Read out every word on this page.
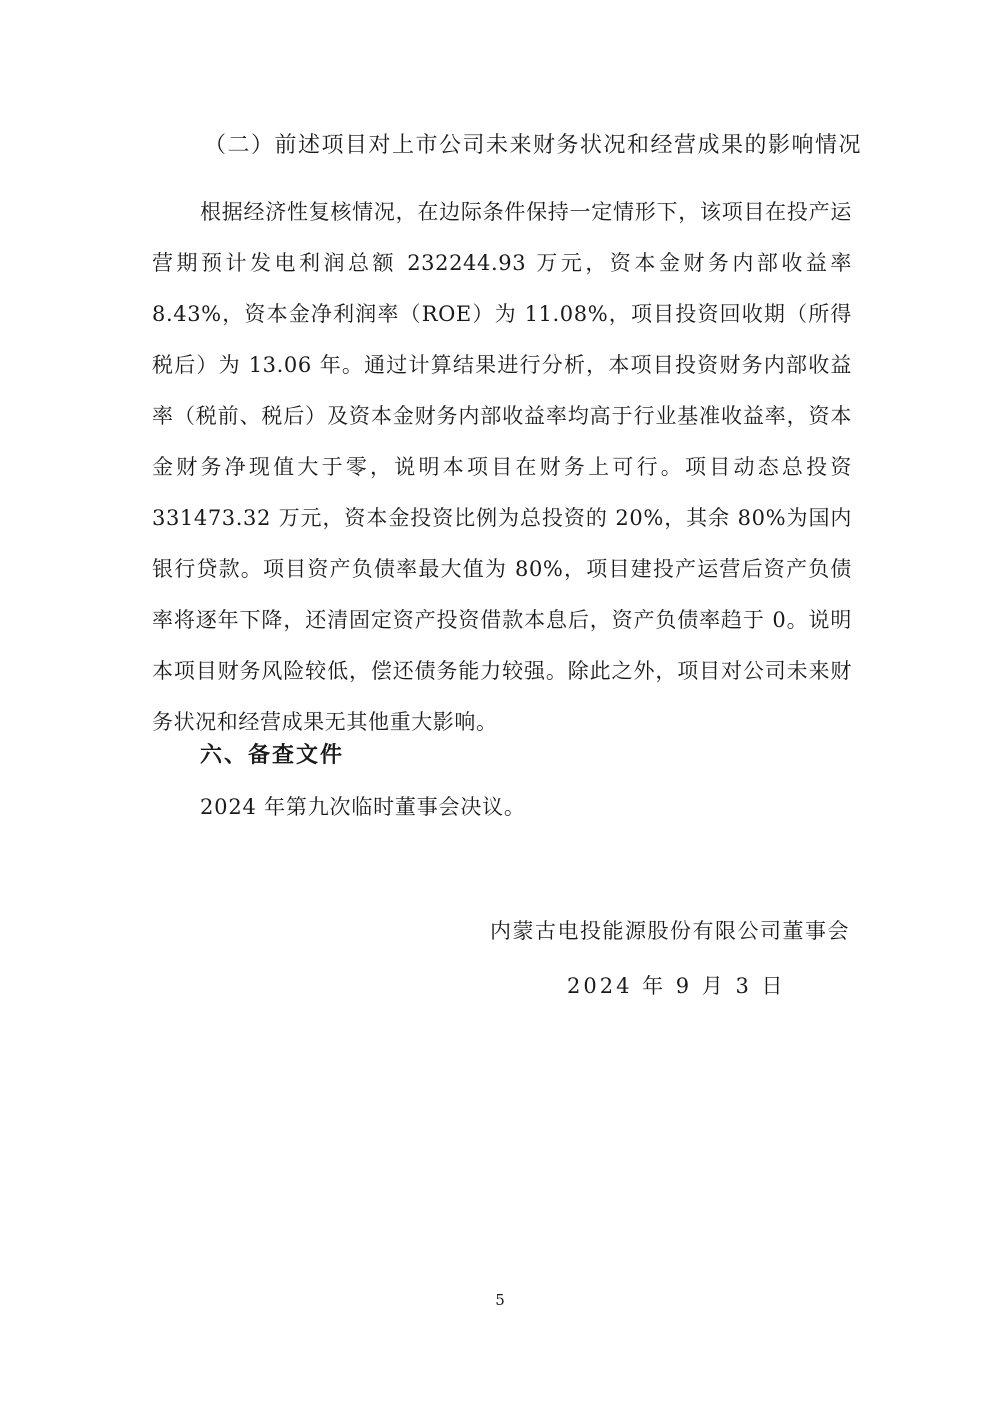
（二）前述项目对上市公司未来财务状况和经营成果的影响情况
根据经济性复核情况，在边际条件保持一定情形下，该项目在投产运营期预计发电利润总额 232244.93 万元，资本金财务内部收益率 8.43%，资本金净利润率（ROE）为 11.08%，项目投资回收期（所得税后）为 13.06 年。通过计算结果进行分析，本项目投资财务内部收益率（税前、税后）及资本金财务内部收益率均高于行业基准收益率，资本金财务净现值大于零，说明本项目在财务上可行。项目动态总投资 331473.32 万元，资本金投资比例为总投资的 20%，其余 80%为国内银行贷款。项目资产负债率最大值为 80%，项目建投产运营后资产负债率将逐年下降，还清固定资产投资借款本息后，资产负债率趋于 0。说明本项目财务风险较低，偿还债务能力较强。除此之外，项目对公司未来财务状况和经营成果无其他重大影响。
六、备查文件
2024 年第九次临时董事会决议。
内蒙古电投能源股份有限公司董事会
2024 年 9 月 3 日
5
